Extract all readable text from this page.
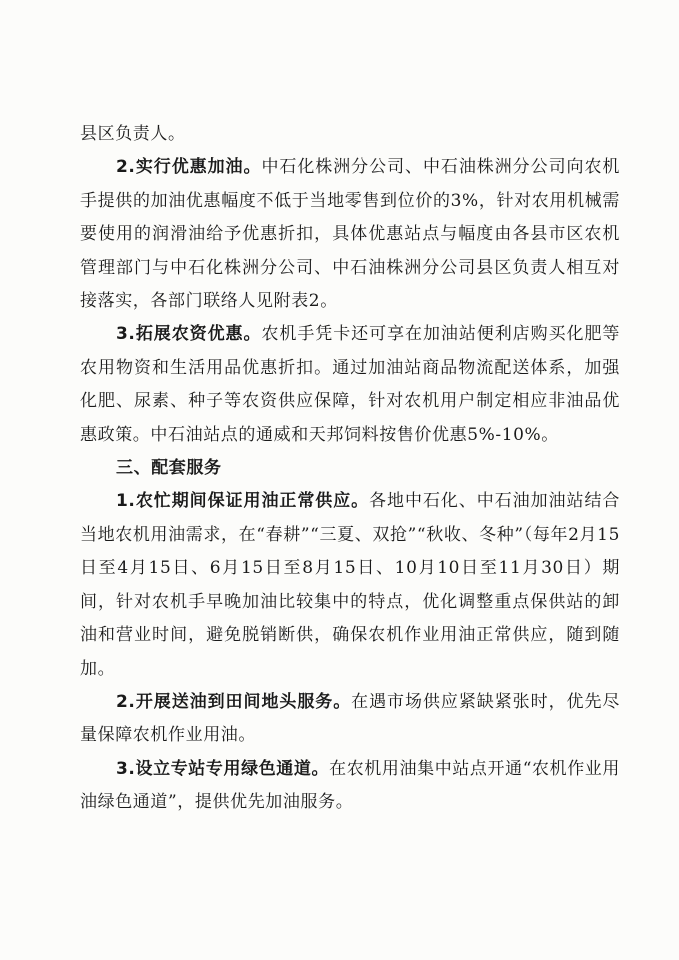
县区负责人。

2.实行优惠加油。中石化株洲分公司、中石油株洲分公司向农机手提供的加油优惠幅度不低于当地零售到位价的3%，针对农用机械需要使用的润滑油给予优惠折扣，具体优惠站点与幅度由各县市区农机管理部门与中石化株洲分公司、中石油株洲分公司县区负责人相互对接落实，各部门联络人见附表2。

3.拓展农资优惠。农机手凭卡还可享在加油站便利店购买化肥等农用物资和生活用品优惠折扣。通过加油站商品物流配送体系，加强化肥、尿素、种子等农资供应保障，针对农机用户制定相应非油品优惠政策。中石油站点的通威和天邦饲料按售价优惠5%-10%。

三、配套服务

1.农忙期间保证用油正常供应。各地中石化、中石油加油站结合当地农机用油需求，在“春耕”“三夏、双抢”“秋收、冬种”（每年2月15日至4月15日、6月15日至8月15日、10月10日至11月30日）期间，针对农机手早晚加油比较集中的特点，优化调整重点保供站的卸油和营业时间，避免脱销断供，确保农机作业用油正常供应，随到随加。

2.开展送油到田间地头服务。在遇市场供应紧缺紧张时，优先尽量保障农机作业用油。

3.设立专站专用绿色通道。在农机用油集中站点开通“农机作业用油绿色通道”，提供优先加油服务。
